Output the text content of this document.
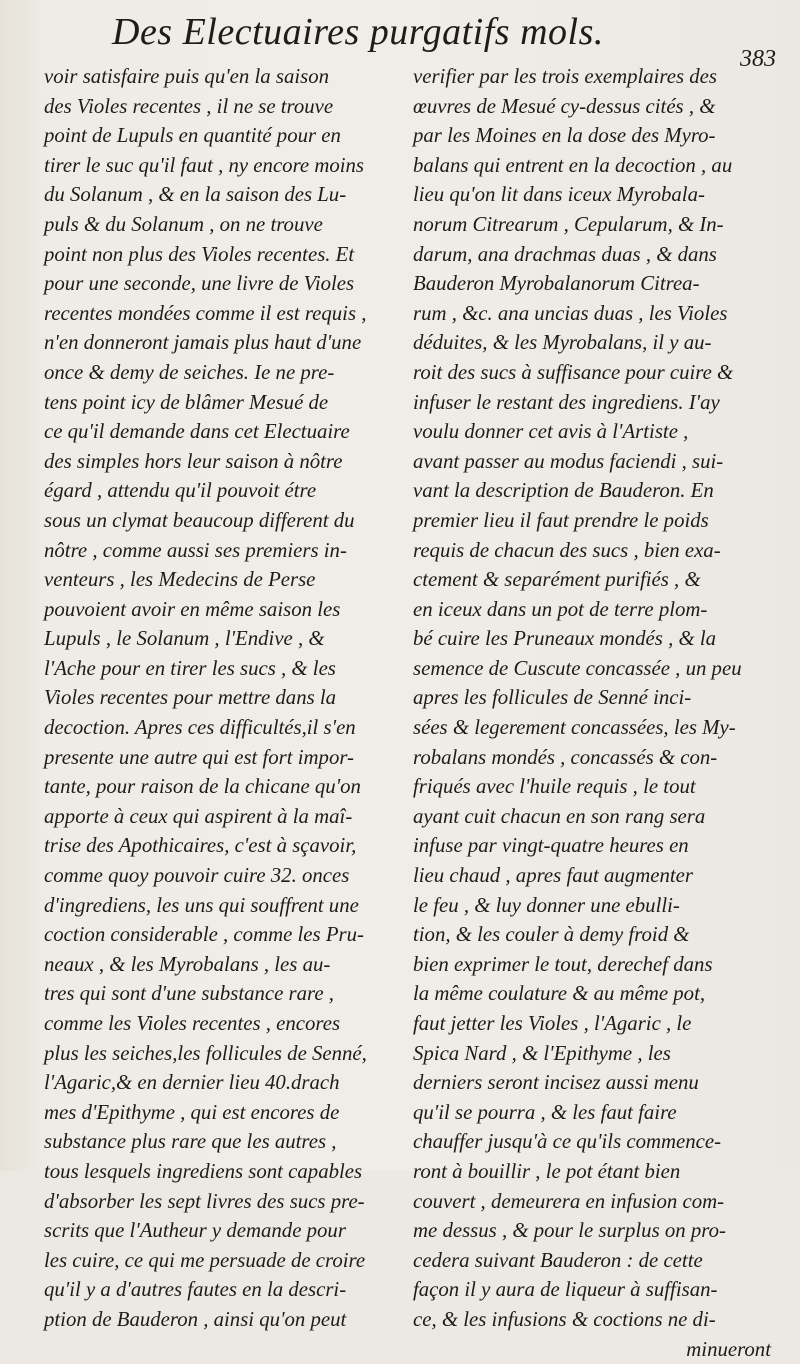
Des Electuaires purgatifs mols.
383
voir satisfaire puis qu'en la saison
des Violes recentes , il ne se trouve
point de Lupuls en quantité pour en
tirer le suc qu'il faut , ny encore moins
du Solanum , & en la saison des Lu-
puls & du Solanum , on ne trouve
point non plus des Violes recentes. Et
pour une seconde, une livre de Violes
recentes mondées comme il est requis ,
n'en donneront jamais plus haut d'une
once & demy de seiches. Ie ne pre-
tens point icy de blâmer Mesué de
ce qu'il demande dans cet Electuaire
des simples hors leur saison à nôtre
égard , attendu qu'il pouvoit étre
sous un clymat beaucoup different du
nôtre , comme aussi ses premiers in-
venteurs , les Medecins de Perse
pouvoient avoir en même saison les
Lupuls , le Solanum , l'Endive , &
l'Ache pour en tirer les sucs , & les
Violes recentes pour mettre dans la
decoction. Apres ces difficultés,il s'en
presente une autre qui est fort impor-
tante, pour raison de la chicane qu'on
apporte à ceux qui aspirent à la maî-
trise des Apothicaires, c'est à sçavoir,
comme quoy pouvoir cuire 32. onces
d'ingrediens, les uns qui souffrent une
coction considerable , comme les Pru-
neaux , & les Myrobalans , les au-
tres qui sont d'une substance rare ,
comme les Violes recentes , encores
plus les seiches,les follicules de Senné,
l'Agaric,& en dernier lieu 40.drach
mes d'Epithyme , qui est encores de
substance plus rare que les autres ,
tous lesquels ingrediens sont capables
d'absorber les sept livres des sucs pre-
scrits que l'Autheur y demande pour
les cuire, ce qui me persuade de croire
qu'il y a d'autres fautes en la descri-
ption de Bauderon , ainsi qu'on peut
verifier par les trois exemplaires des
œuvres de Mesué cy-dessus cités , &
par les Moines en la dose des Myro-
balans qui entrent en la decoction , au
lieu qu'on lit dans iceux Myrobala-
norum Citrearum , Cepularum, & In-
darum, ana drachmas duas , & dans
Bauderon Myrobalanorum Citrea-
rum , &c. ana uncias duas , les Violes
déduites, & les Myrobalans, il y au-
roit des sucs à suffisance pour cuire &
infuser le restant des ingrediens. I'ay
voulu donner cet avis à l'Artiste ,
avant passer au modus faciendi , sui-
vant la description de Bauderon. En
premier lieu il faut prendre le poids
requis de chacun des sucs , bien exa-
ctement & separément purifiés , &
en iceux dans un pot de terre plom-
bé cuire les Pruneaux mondés , & la
semence de Cuscute concassée , un peu
apres les follicules de Senné inci-
sées & legerement concassées, les My-
robalans mondés , concassés & con-
friqués avec l'huile requis , le tout
ayant cuit chacun en son rang sera
infuse par vingt-quatre heures en
lieu chaud , apres faut augmenter
le feu , & luy donner une ebulli-
tion, & les couler à demy froid &
bien exprimer le tout, derechef dans
la même coulature & au même pot,
faut jetter les Violes , l'Agaric , le
Spica Nard , & l'Epithyme , les
derniers seront incisez aussi menu
qu'il se pourra , & les faut faire
chauffer jusqu'à ce qu'ils commence-
ront à bouillir , le pot étant bien
couvert , demeurera en infusion com-
me dessus , & pour le surplus on pro-
cedera suivant Bauderon : de cette
façon il y aura de liqueur à suffisan-
ce, & les infusions & coctions ne di-
minueront
